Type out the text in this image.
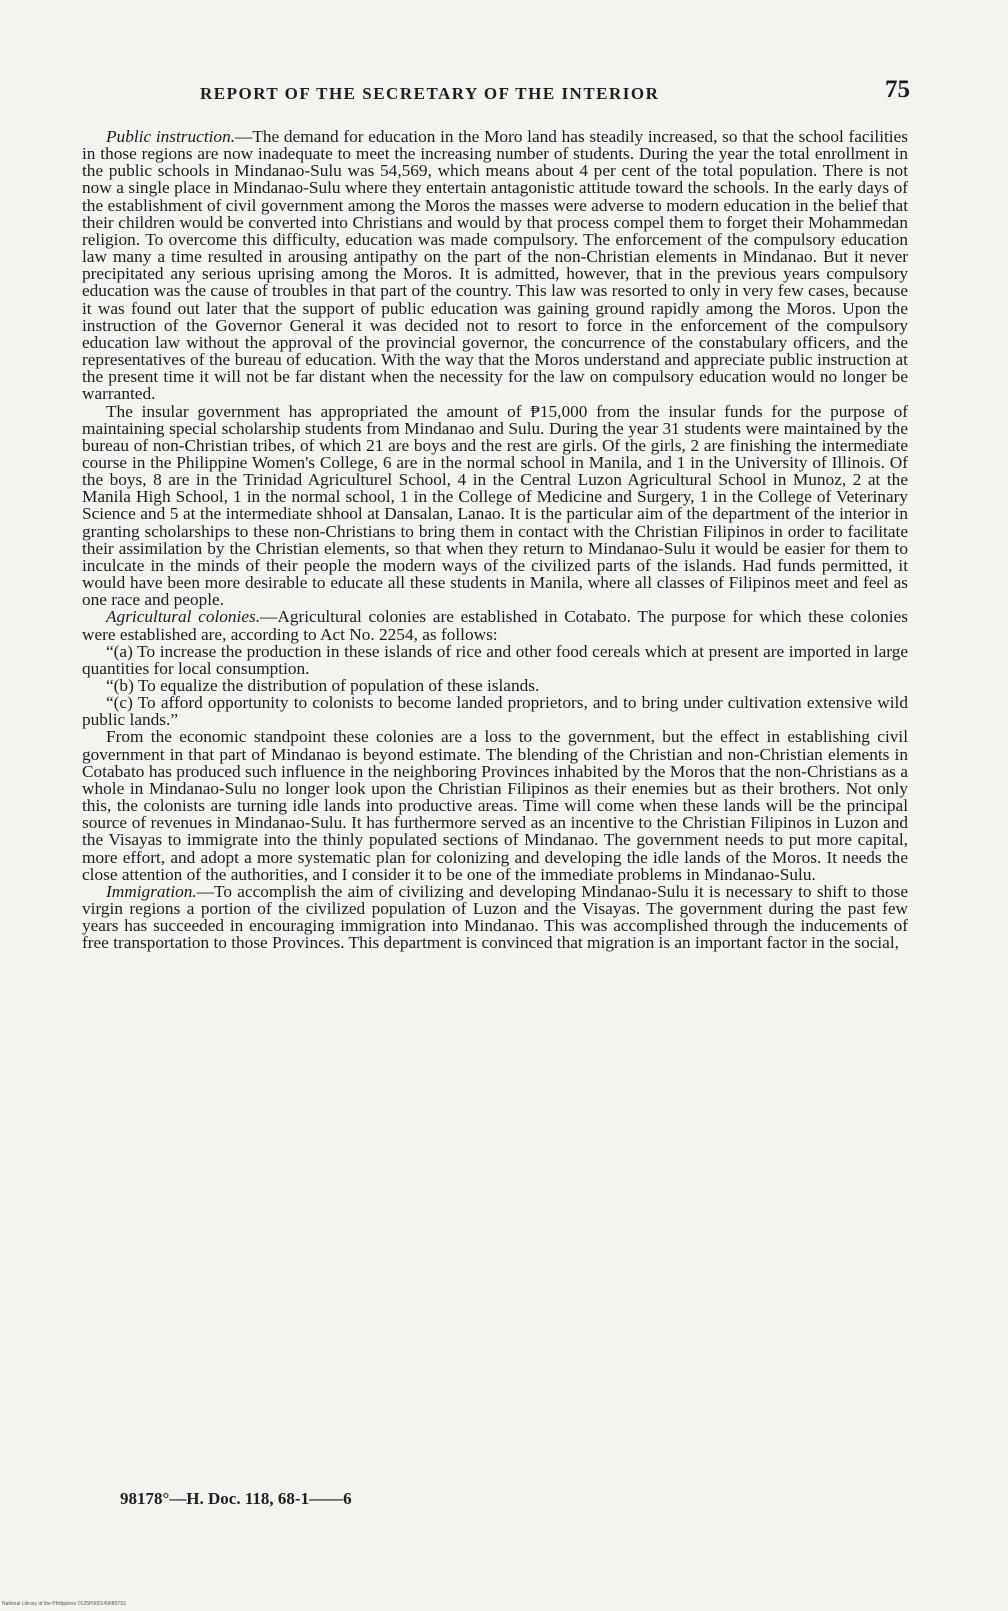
REPORT OF THE SECRETARY OF THE INTERIOR	75

Public instruction.—The demand for education in the Moro land has steadily increased, so that the school facilities in those regions are now inadequate to meet the increasing number of students. During the year the total enrollment in the public schools in Mindanao-Sulu was 54,569, which means about 4 per cent of the total population. There is not now a single place in Mindanao-Sulu where they entertain antagonistic attitude toward the schools. In the early days of the establishment of civil government among the Moros the masses were adverse to modern education in the belief that their children would be converted into Christians and would by that process compel them to forget their Mohammedan religion. To overcome this difficulty, education was made compulsory. The enforcement of the compulsory education law many a time resulted in arousing antipathy on the part of the non-Christian elements in Mindanao. But it never precipitated any serious uprising among the Moros. It is admitted, however, that in the previous years compulsory education was the cause of troubles in that part of the country. This law was resorted to only in very few cases, because it was found out later that the support of public education was gaining ground rapidly among the Moros. Upon the instruction of the Governor General it was decided not to resort to force in the enforcement of the compulsory education law without the approval of the provincial governor, the concurrence of the constabulary officers, and the representatives of the bureau of education. With the way that the Moros understand and appreciate public instruction at the present time it will not be far distant when the necessity for the law on compulsory education would no longer be warranted.

The insular government has appropriated the amount of ₱15,000 from the insular funds for the purpose of maintaining special scholarship students from Mindanao and Sulu. During the year 31 students were maintained by the bureau of non-Christian tribes, of which 21 are boys and the rest are girls. Of the girls, 2 are finishing the intermediate course in the Philippine Women's College, 6 are in the normal school in Manila, and 1 in the University of Illinois. Of the boys, 8 are in the Trinidad Agriculturel School, 4 in the Central Luzon Agricultural School in Munoz, 2 at the Manila High School, 1 in the normal school, 1 in the College of Medicine and Surgery, 1 in the College of Veterinary Science and 5 at the intermediate shhool at Dansalan, Lanao. It is the particular aim of the department of the interior in granting scholarships to these non-Christians to bring them in contact with the Christian Filipinos in order to facilitate their assimilation by the Christian elements, so that when they return to Mindanao-Sulu it would be easier for them to inculcate in the minds of their people the modern ways of the civilized parts of the islands. Had funds permitted, it would have been more desirable to educate all these students in Manila, where all classes of Filipinos meet and feel as one race and people.

Agricultural colonies.—Agricultural colonies are established in Cotabato. The purpose for which these colonies were established are, according to Act No. 2254, as follows:

“(a) To increase the production in these islands of rice and other food cereals which at present are imported in large quantities for local consumption.

“(b) To equalize the distribution of population of these islands.

“(c) To afford opportunity to colonists to become landed proprietors, and to bring under cultivation extensive wild public lands.”

From the economic standpoint these colonies are a loss to the government, but the effect in establishing civil government in that part of Mindanao is beyond estimate. The blending of the Christian and non-Christian elements in Cotabato has produced such influence in the neighboring Provinces inhabited by the Moros that the non-Christians as a whole in Mindanao-Sulu no longer look upon the Christian Filipinos as their enemies but as their brothers. Not only this, the colonists are turning idle lands into productive areas. Time will come when these lands will be the principal source of revenues in Mindanao-Sulu. It has furthermore served as an incentive to the Christian Filipinos in Luzon and the Visayas to immigrate into the thinly populated sections of Mindanao. The government needs to put more capital, more effort, and adopt a more systematic plan for colonizing and developing the idle lands of the Moros. It needs the close attention of the authorities, and I consider it to be one of the immediate problems in Mindanao-Sulu.

Immigration.—To accomplish the aim of civilizing and developing Mindanao-Sulu it is necessary to shift to those virgin regions a portion of the civilized population of Luzon and the Visayas. The government during the past few years has succeeded in encouraging immigration into Mindanao. This was accomplished through the inducements of free transportation to those Provinces. This department is convinced that migration is an important factor in the social,

98178°—H. Doc. 118, 68-1——6
National Library of the Philippines 0125P0001496807S1
